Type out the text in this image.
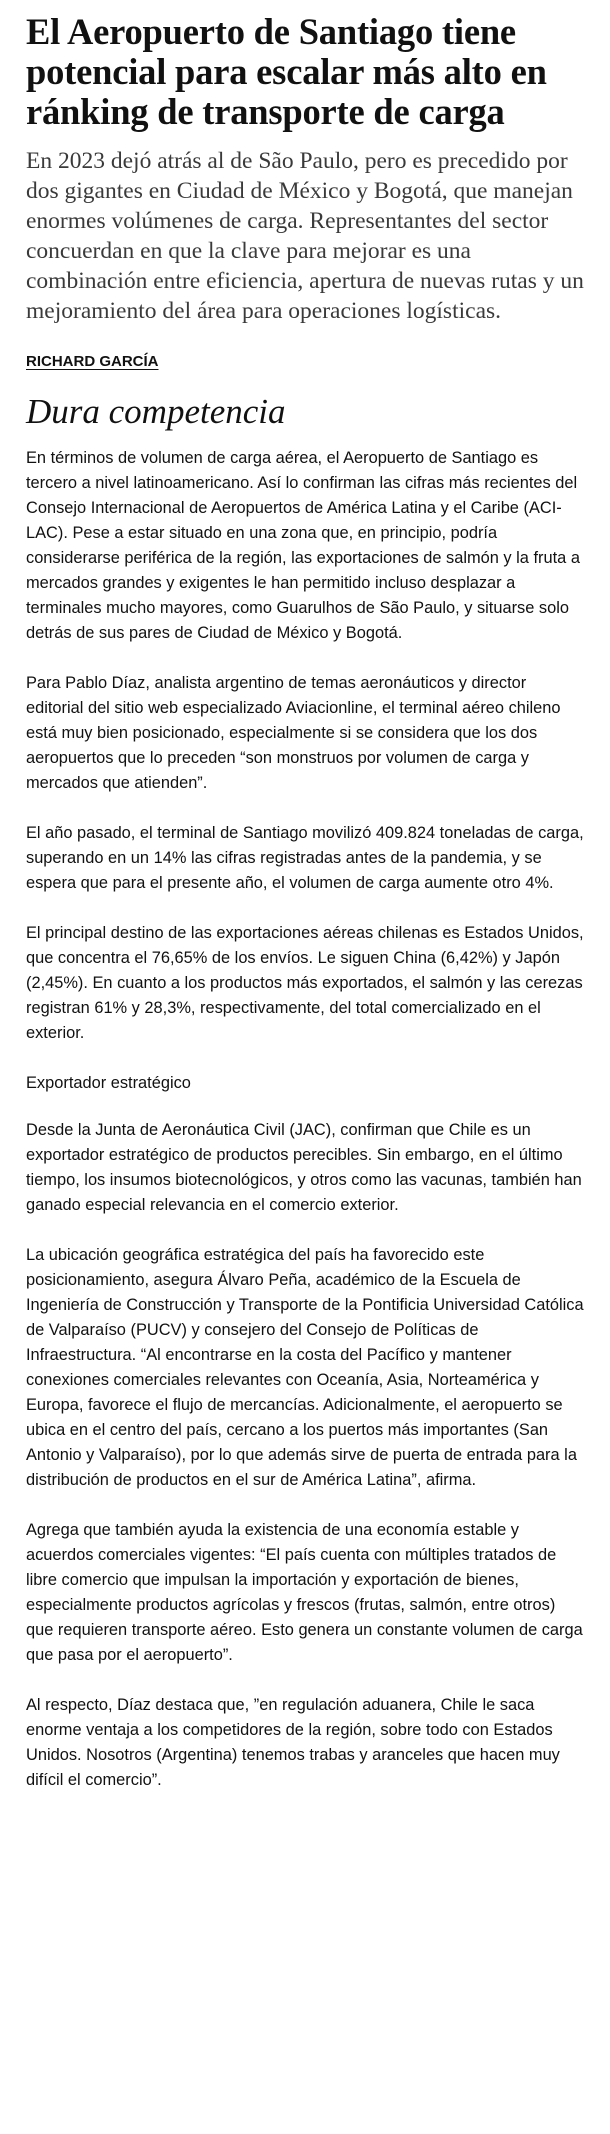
El Aeropuerto de Santiago tiene potencial para escalar más alto en ránking de transporte de carga

En 2023 dejó atrás al de São Paulo, pero es precedido por dos gigantes en Ciudad de México y Bogotá, que manejan enormes volúmenes de carga. Representantes del sector concuerdan en que la clave para mejorar es una combinación entre eficiencia, apertura de nuevas rutas y un mejoramiento del área para operaciones logísticas.

RICHARD GARCÍA
Dura competencia

En términos de volumen de carga aérea, el Aeropuerto de Santiago es tercero a nivel latinoamericano. Así lo confirman las cifras más recientes del Consejo Internacional de Aeropuertos de América Latina y el Caribe (ACI-LAC). Pese a estar situado en una zona que, en principio, podría considerarse periférica de la región, las exportaciones de salmón y la fruta a mercados grandes y exigentes le han permitido incluso desplazar a terminales mucho mayores, como Guarulhos de São Paulo, y situarse solo detrás de sus pares de Ciudad de México y Bogotá.

Para Pablo Díaz, analista argentino de temas aeronáuticos y director editorial del sitio web especializado Aviacionline, el terminal aéreo chileno está muy bien posicionado, especialmente si se considera que los dos aeropuertos que lo preceden “son monstruos por volumen de carga y mercados que atienden”.

El año pasado, el terminal de Santiago movilizó 409.824 toneladas de carga, superando en un 14% las cifras registradas antes de la pandemia, y se espera que para el presente año, el volumen de carga aumente otro 4%.

El principal destino de las exportaciones aéreas chilenas es Estados Unidos, que concentra el 76,65% de los envíos. Le siguen China (6,42%) y Japón (2,45%). En cuanto a los productos más exportados, el salmón y las cerezas registran 61% y 28,3%, respectivamente, del total comercializado en el exterior.

Exportador estratégico

Desde la Junta de Aeronáutica Civil (JAC), confirman que Chile es un exportador estratégico de productos perecibles. Sin embargo, en el último tiempo, los insumos biotecnológicos, y otros como las vacunas, también han ganado especial relevancia en el comercio exterior.

La ubicación geográfica estratégica del país ha favorecido este posicionamiento, asegura Álvaro Peña, académico de la Escuela de Ingeniería de Construcción y Transporte de la Pontificia Universidad Católica de Valparaíso (PUCV) y consejero del Consejo de Políticas de Infraestructura. “Al encontrarse en la costa del Pacífico y mantener conexiones comerciales relevantes con Oceanía, Asia, Norteamérica y Europa, favorece el flujo de mercancías. Adicionalmente, el aeropuerto se ubica en el centro del país, cercano a los puertos más importantes (San Antonio y Valparaíso), por lo que además sirve de puerta de entrada para la distribución de productos en el sur de América Latina”, afirma.

Agrega que también ayuda la existencia de una economía estable y acuerdos comerciales vigentes: “El país cuenta con múltiples tratados de libre comercio que impulsan la importación y exportación de bienes, especialmente productos agrícolas y frescos (frutas, salmón, entre otros) que requieren transporte aéreo. Esto genera un constante volumen de carga que pasa por el aeropuerto”.

Al respecto, Díaz destaca que, ”en regulación aduanera, Chile le saca enorme ventaja a los competidores de la región, sobre todo con Estados Unidos. Nosotros (Argentina) tenemos trabas y aranceles que hacen muy difícil el comercio”.
